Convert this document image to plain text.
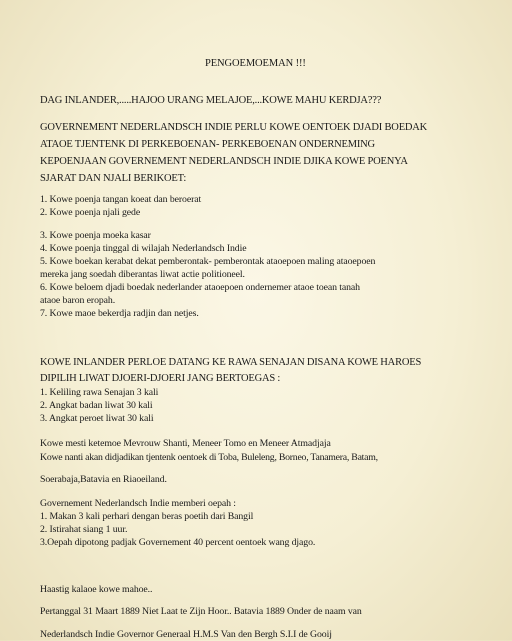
PENGOEMOEMAN !!!
DAG INLANDER,.....HAJOO URANG MELAJOE,...KOWE MAHU KERDJA???
GOVERNEMENT NEDERLANDSCH INDIE PERLU KOWE OENTOEK DJADI BOEDAK
ATAOE TJENTENK DI PERKEBOENAN- PERKEBOENAN ONDERNEMING
KEPOENJAAN GOVERNEMENT NEDERLANDSCH INDIE DJIKA KOWE POENYA
SJARAT DAN NJALI BERIKOET:
1. Kowe poenja tangan koeat dan beroerat
2. Kowe poenja njali gede
3. Kowe poenja moeka kasar
4. Kowe poenja tinggal di wilajah Nederlandsch Indie
5. Kowe boekan kerabat dekat pemberontak- pemberontak ataoepoen maling ataoepoen
mereka jang soedah diberantas liwat actie politioneel.
6. Kowe beloem djadi boedak nederlander ataoepoen ondernemer ataoe toean tanah
ataoe baron eropah.
7. Kowe maoe bekerdja radjin dan netjes.
KOWE INLANDER PERLOE DATANG KE RAWA SENAJAN DISANA KOWE HAROES
DIPILIH LIWAT DJOERI-DJOERI JANG BERTOEGAS :
1. Keliling rawa Senajan 3 kali
2. Angkat badan liwat 30 kali
3. Angkat peroet liwat 30 kali
Kowe mesti ketemoe Mevrouw Shanti, Meneer Tomo en Meneer Atmadjaja
Kowe nanti akan didjadikan tjentenk oentoek di Toba, Buleleng, Borneo, Tanamera, Batam,
Soerabaja,Batavia en Riaoeiland.
Governement Nederlandsch Indie memberi oepah :
1. Makan 3 kali perhari dengan beras poetih dari Bangil
2. Istirahat siang 1 uur.
3.Oepah dipotong padjak Governement 40 percent oentoek wang djago.
Haastig kalaoe kowe mahoe..
Pertanggal 31 Maart 1889 Niet Laat te Zijn Hoor.. Batavia 1889 Onder de naam van
Nederlandsch Indie Governor Generaal H.M.S Van den Bergh S.I.I de Gooij
